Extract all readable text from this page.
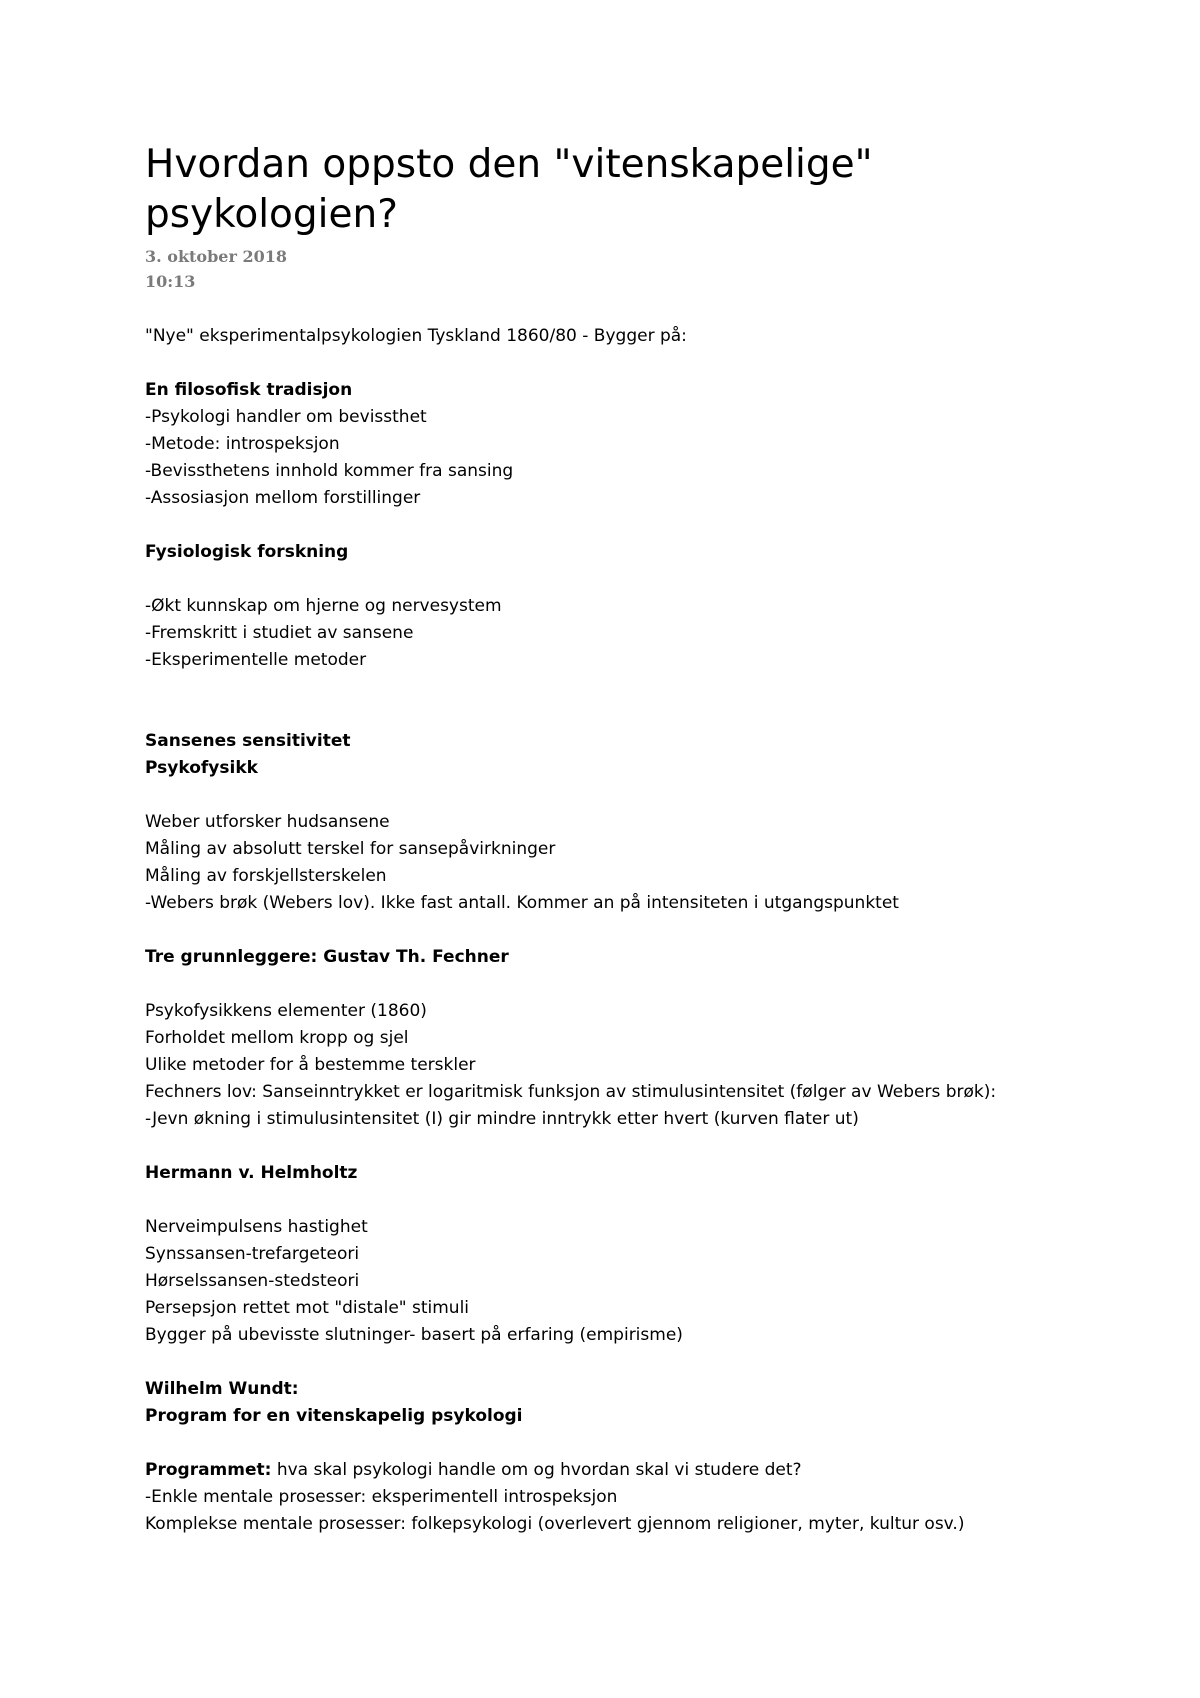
Hvordan oppsto den "vitenskapelige"
psykologien?
3. oktober 2018
10:13
"Nye" eksperimentalpsykologien Tyskland 1860/80 - Bygger på:
En filosofisk tradisjon
-Psykologi handler om bevissthet
-Metode: introspeksjon
-Bevissthetens innhold kommer fra sansing
-Assosiasjon mellom forstillinger
Fysiologisk forskning
-Økt kunnskap om hjerne og nervesystem
-Fremskritt i studiet av sansene
-Eksperimentelle metoder
Sansenes sensitivitet
Psykofysikk
Weber utforsker hudsansene
Måling av absolutt terskel for sansepåvirkninger
Måling av forskjellsterskelen
-Webers brøk (Webers lov). Ikke fast antall. Kommer an på intensiteten i utgangspunktet
Tre grunnleggere: Gustav Th. Fechner
Psykofysikkens elementer (1860)
Forholdet mellom kropp og sjel
Ulike metoder for å bestemme terskler
Fechners lov: Sanseinntrykket er logaritmisk funksjon av stimulusintensitet (følger av Webers brøk):
-Jevn økning i stimulusintensitet (I) gir mindre inntrykk etter hvert (kurven flater ut)
Hermann v. Helmholtz
Nerveimpulsens hastighet
Synssansen-trefargeteori
Hørselssansen-stedsteori
Persepsjon rettet mot "distale" stimuli
Bygger på ubevisste slutninger- basert på erfaring (empirisme)
Wilhelm Wundt:
Program for en vitenskapelig psykologi
Programmet: hva skal psykologi handle om og hvordan skal vi studere det?
-Enkle mentale prosesser: eksperimentell introspeksjon
Komplekse mentale prosesser: folkepsykologi (overlevert gjennom religioner, myter, kultur osv.)
